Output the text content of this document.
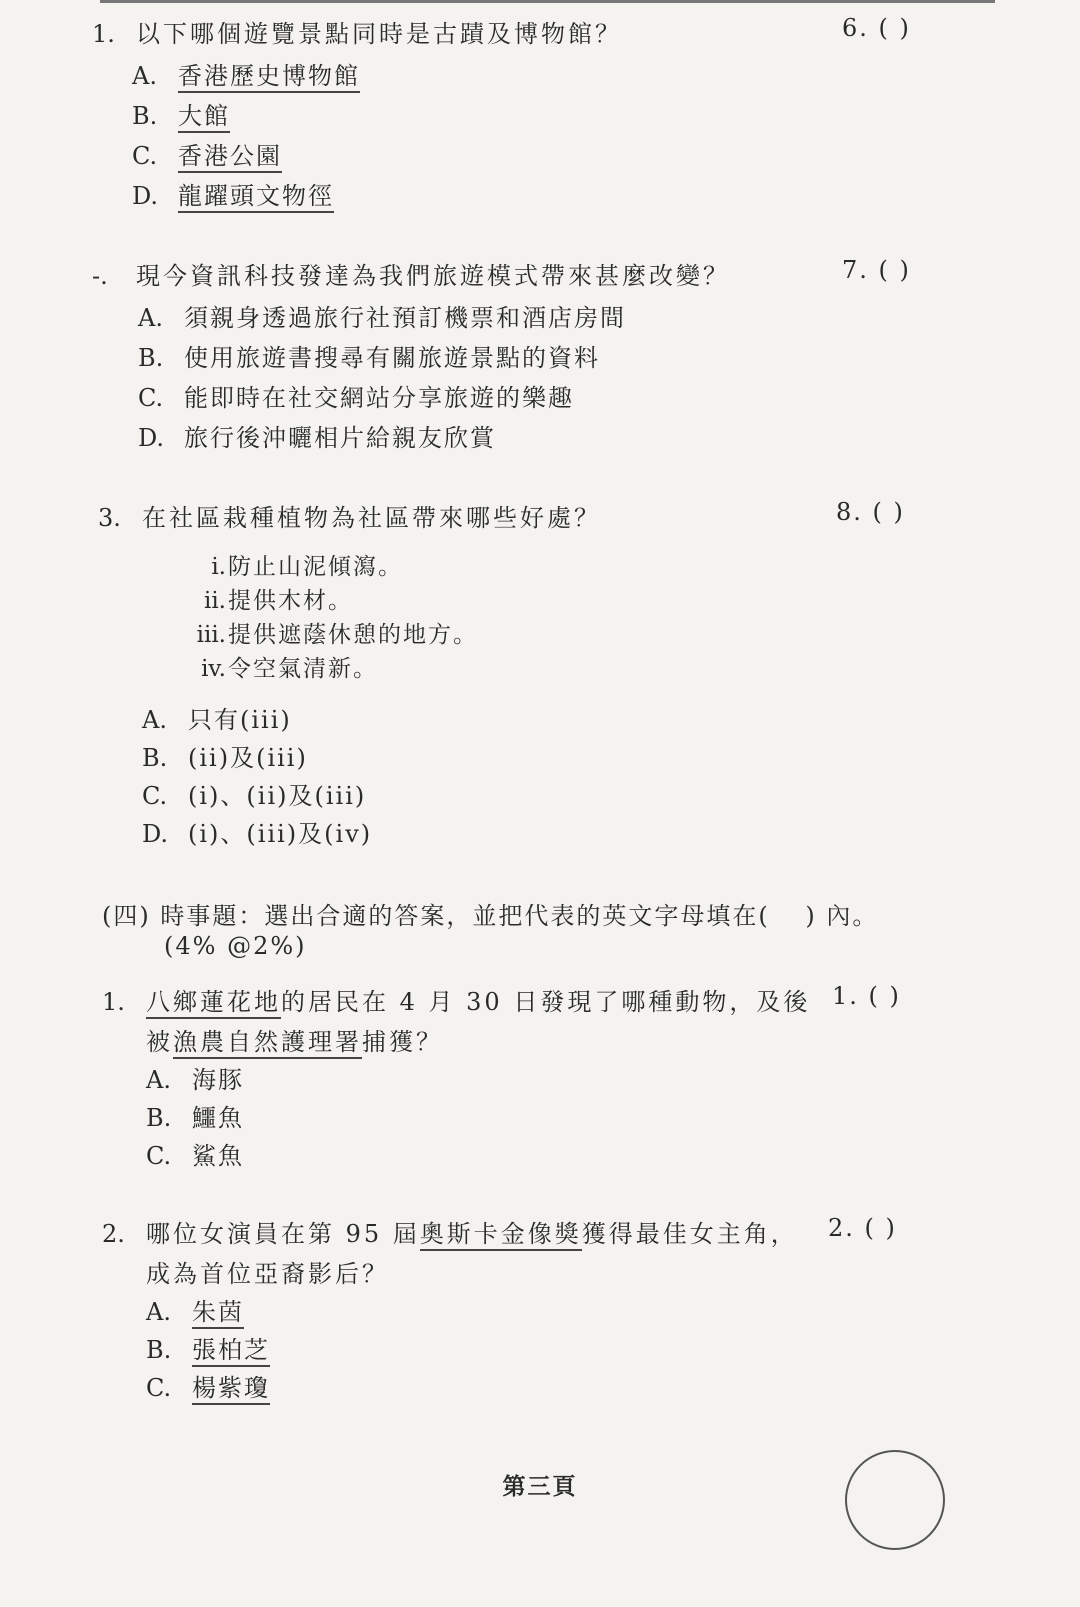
1. 以下哪個遊覽景點同時是古蹟及博物館？	6. ( )
A. 香港歷史博物館
B. 大館
C. 香港公園
D. 龍躍頭文物徑
-. 現今資訊科技發達為我們旅遊模式帶來甚麼改變？	7. ( )
A. 須親身透過旅行社預訂機票和酒店房間
B. 使用旅遊書搜尋有關旅遊景點的資料
C. 能即時在社交網站分享旅遊的樂趣
D. 旅行後沖曬相片給親友欣賞
3. 在社區栽種植物為社區帶來哪些好處？	8. ( )
i.防止山泥傾瀉。
ii.提供木材。
iii.提供遮蔭休憩的地方。
iv.令空氣清新。
A. 只有(iii)
B. (ii)及(iii)
C. (i)、(ii)及(iii)
D. (i)、(iii)及(iv)
(四) 時事題：選出合適的答案，並把代表的英文字母填在(　 ) 內。
(4% @2%)
1. 八鄉蓮花地的居民在 4 月 30 日發現了哪種動物，及後
被漁農自然護理署捕獲？
1. ( )
A. 海豚
B. 鱷魚
C. 鯊魚
2. 哪位女演員在第 95 屆奧斯卡金像獎獲得最佳女主角，
成為首位亞裔影后？
2. ( )
A. 朱茵
B. 張柏芝
C. 楊紫瓊
第三頁
